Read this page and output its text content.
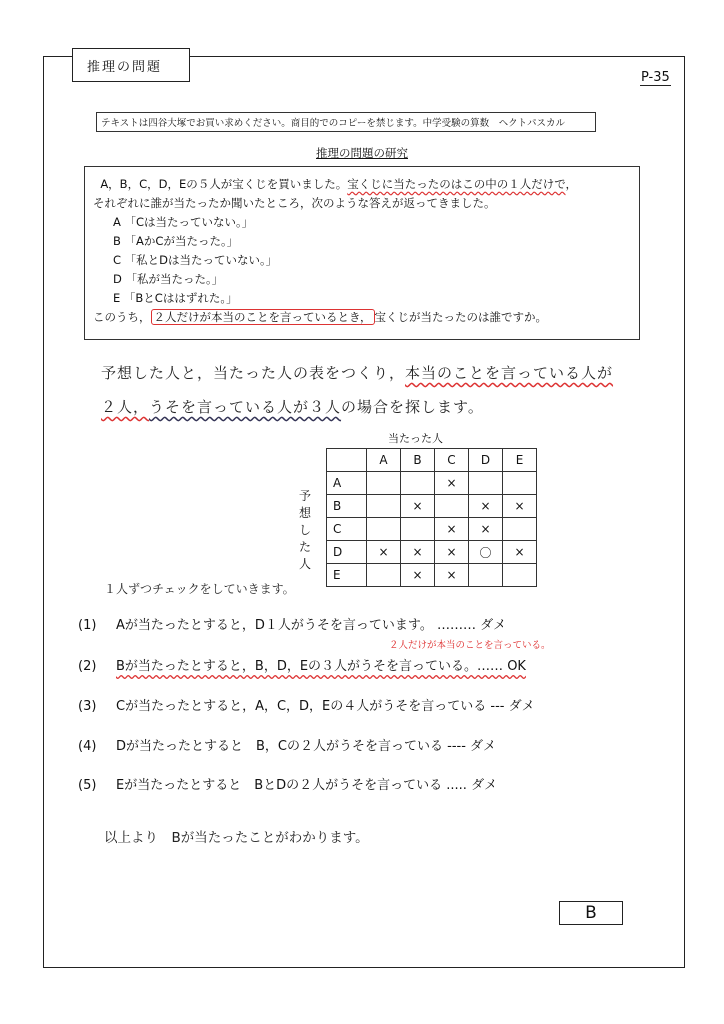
推理の問題
P-35
テキストは四谷大塚でお買い求めください。商目的でのコピーを禁じます。中学受験の算数　ヘクトパスカル
推理の問題の研究
A，B，C，D，Eの５人が宝くじを買いました。宝くじに当たったのはこの中の１人だけで，
それぞれに誰が当たったか聞いたところ，次のような答えが返ってきました。
A 「Cは当たっていない。」
B 「AかCが当たった。」
C 「私とDは当たっていない。」
D 「私が当たった。」
E 「BとCははずれた。」
このうち， ２人だけが本当のことを言っているとき， 宝くじが当たったのは誰ですか。
予想した人と，当たった人の表をつくり，本当のことを言っている人が
２人，うそを言っている人が３人の場合を探します。
当たった人
予想した人
	A	B	C	D	E
A			×		
B		×		×	×
C			×	×	
D	×	×	×	〇	×
E		×	×		
１人ずつチェックをしていきます。
(1) Aが当たったとすると，D１人がうそを言っています。 ……… ダメ
２人だけが本当のことを言っている。
(2) Bが当たったとすると，B，D，Eの３人がうそを言っている。…… OK
(3) Cが当たったとすると，A，C，D，Eの４人がうそを言っている --- ダメ
(4) Dが当たったとすると　B，Cの２人がうそを言っている ---- ダメ
(5) Eが当たったとすると　BとDの２人がうそを言っている ..... ダメ
以上より　Bが当たったことがわかります。
B
